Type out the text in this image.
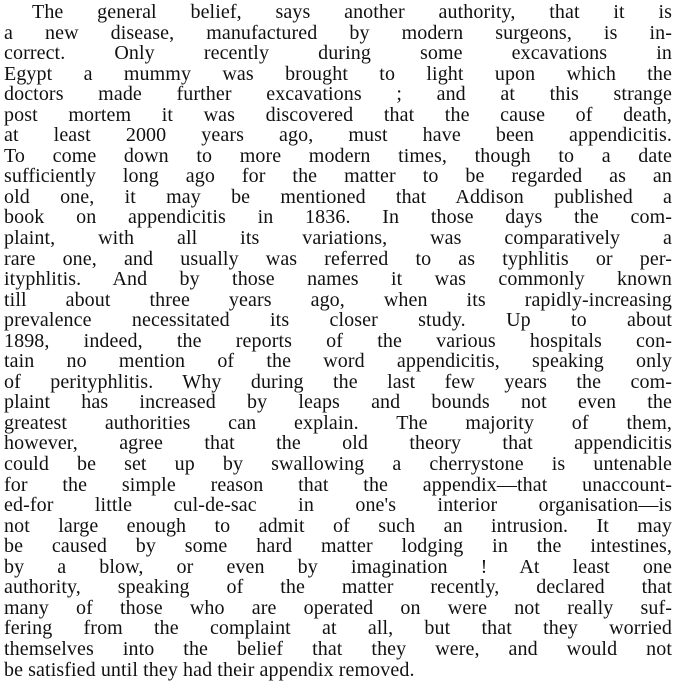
The general belief, says another authority, that it is
a new disease, manufactured by modern surgeons, is in-
correct. Only recently during some excavations in
Egypt a mummy was brought to light upon which the
doctors made further excavations ; and at this strange
post mortem it was discovered that the cause of death,
at least 2000 years ago, must have been appendicitis.
To come down to more modern times, though to a date
sufficiently long ago for the matter to be regarded as an
old one, it may be mentioned that Addison published a
book on appendicitis in 1836. In those days the com-
plaint, with all its variations, was comparatively a
rare one, and usually was referred to as typhlitis or per-
ityphlitis. And by those names it was commonly known
till about three years ago, when its rapidly-increasing
prevalence necessitated its closer study. Up to about
1898, indeed, the reports of the various hospitals con-
tain no mention of the word appendicitis, speaking only
of perityphlitis. Why during the last few years the com-
plaint has increased by leaps and bounds not even the
greatest authorities can explain. The majority of them,
however, agree that the old theory that appendicitis
could be set up by swallowing a cherrystone is untenable
for the simple reason that the appendix—that unaccount-
ed-for little cul-de-sac in one's interior organisation—is
not large enough to admit of such an intrusion. It may
be caused by some hard matter lodging in the intestines,
by a blow, or even by imagination ! At least one
authority, speaking of the matter recently, declared that
many of those who are operated on were not really suf-
fering from the complaint at all, but that they worried
themselves into the belief that they were, and would not
be satisfied until they had their appendix removed.
